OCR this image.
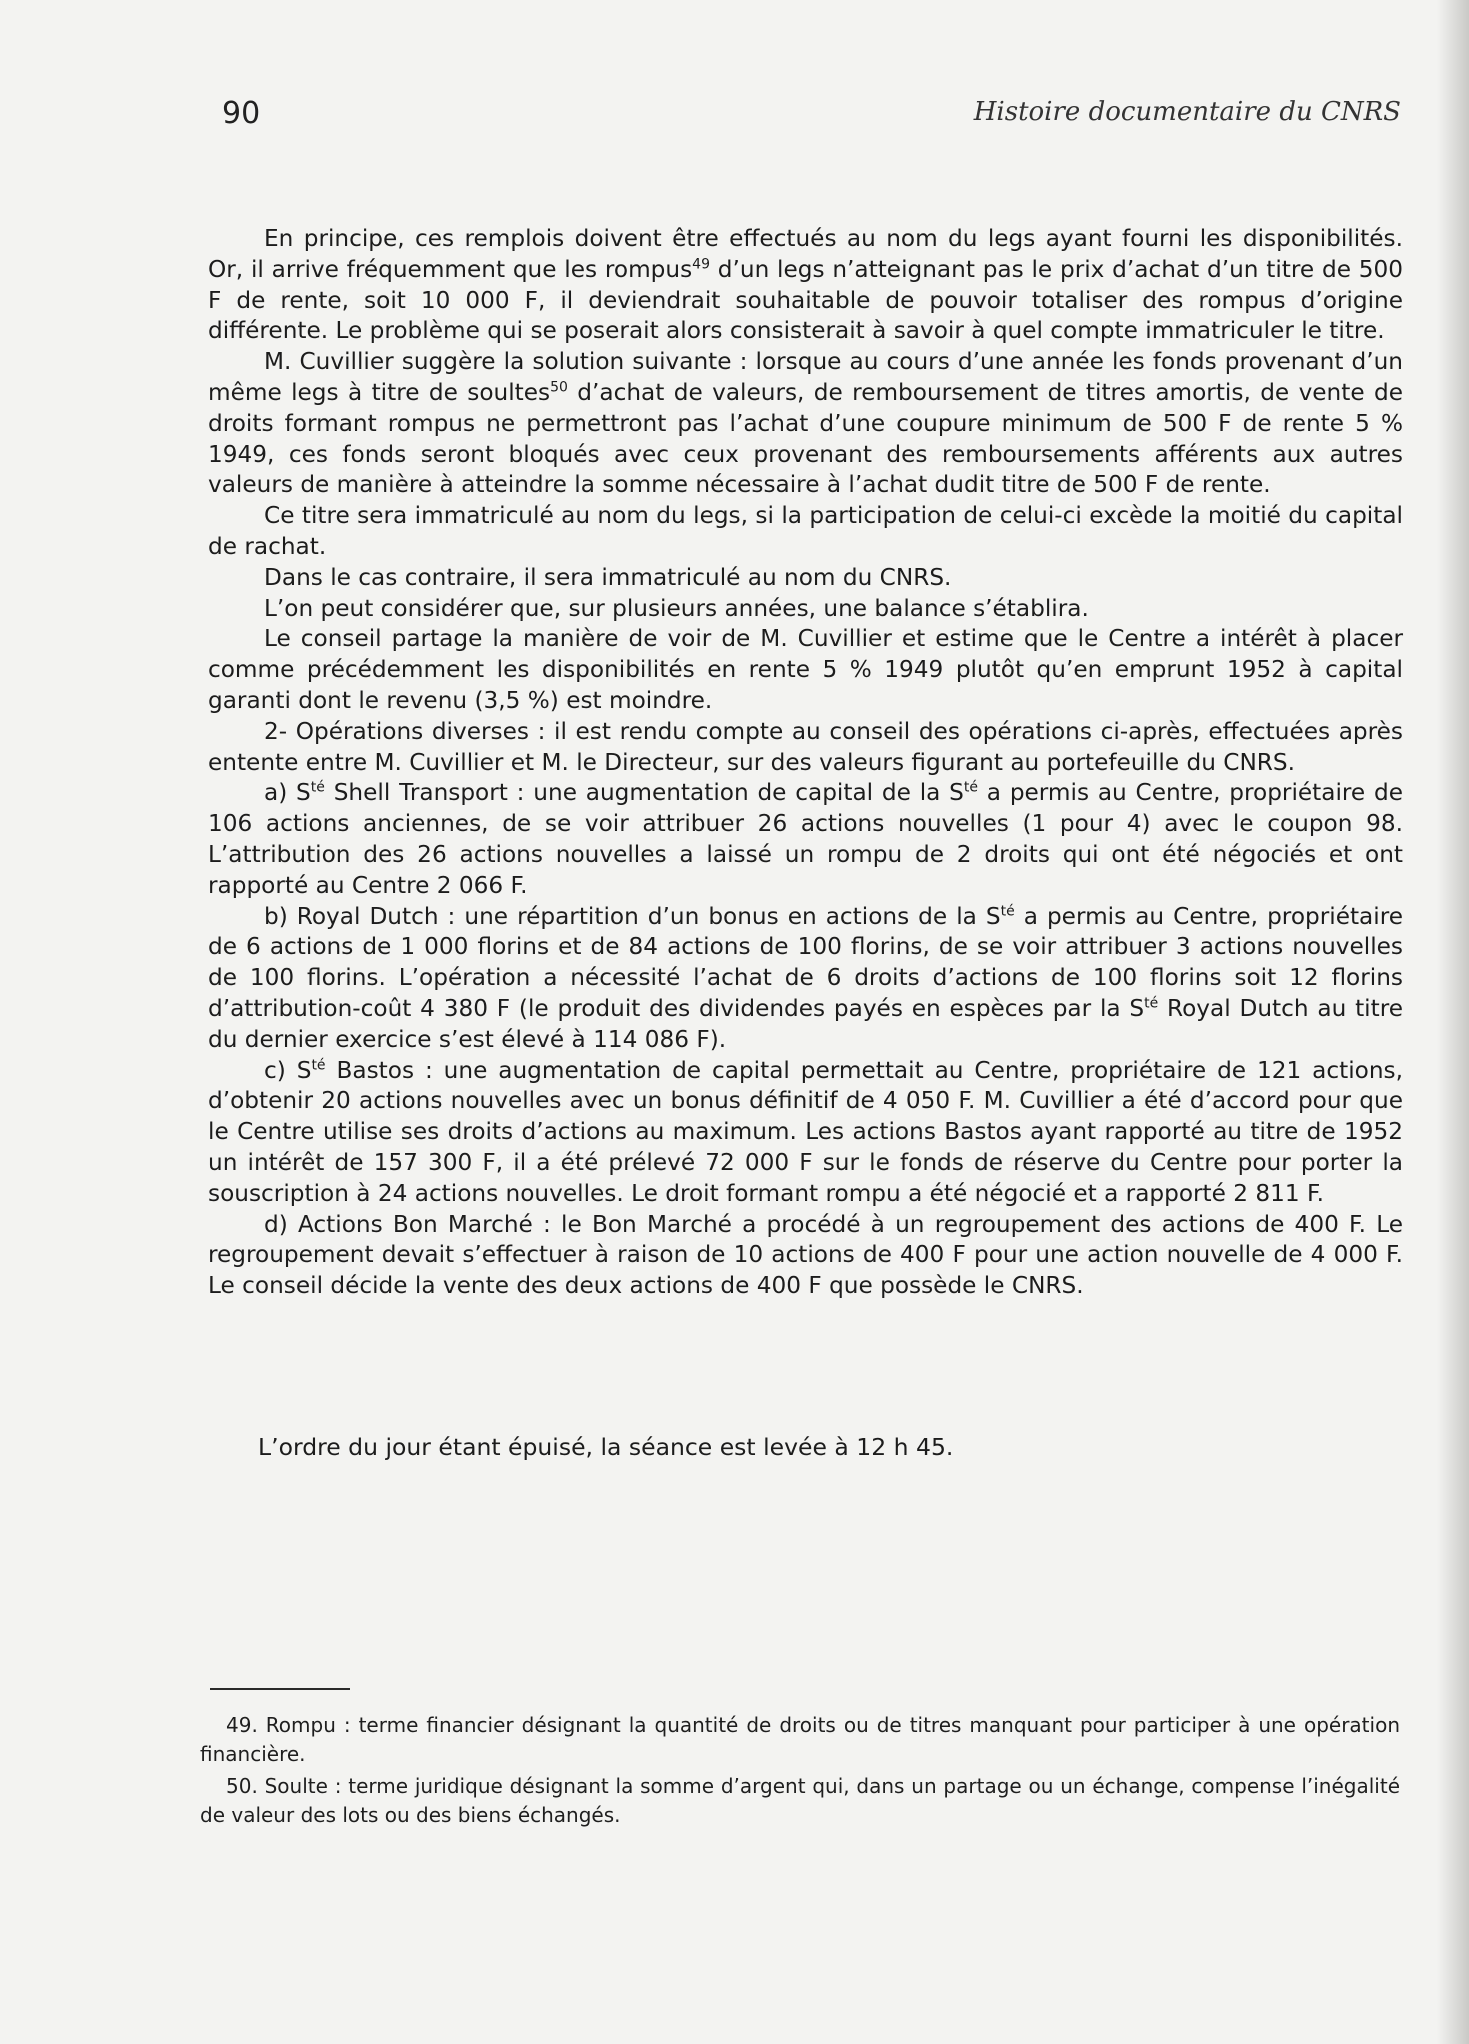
90	Histoire documentaire du CNRS

En principe, ces remplois doivent être effectués au nom du legs ayant fourni les disponibilités. Or, il arrive fréquemment que les rompus$^{49}$ d’un legs n’atteignant pas le prix d’achat d’un titre de 500 F de rente, soit 10 000 F, il deviendrait souhaitable de pouvoir totaliser des rompus d’origine différente. Le problème qui se poserait alors consisterait à savoir à quel compte immatriculer le titre.

M. Cuvillier suggère la solution suivante : lorsque au cours d’une année les fonds provenant d’un même legs à titre de soultes$^{50}$ d’achat de valeurs, de remboursement de titres amortis, de vente de droits formant rompus ne permettront pas l’achat d’une coupure minimum de 500 F de rente 5 % 1949, ces fonds seront bloqués avec ceux provenant des remboursements afférents aux autres valeurs de manière à atteindre la somme nécessaire à l’achat dudit titre de 500 F de rente.

Ce titre sera immatriculé au nom du legs, si la participation de celui-ci excède la moitié du capital de rachat.

Dans le cas contraire, il sera immatriculé au nom du CNRS.

L’on peut considérer que, sur plusieurs années, une balance s’établira.

Le conseil partage la manière de voir de M. Cuvillier et estime que le Centre a intérêt à placer comme précédemment les disponibilités en rente 5 % 1949 plutôt qu’en emprunt 1952 à capital garanti dont le revenu (3,5 %) est moindre.

2- Opérations diverses : il est rendu compte au conseil des opérations ci-après, effectuées après entente entre M. Cuvillier et M. le Directeur, sur des valeurs figurant au portefeuille du CNRS.

a) $S^{té}$ Shell Transport : une augmentation de capital de la $S^{té}$ a permis au Centre, propriétaire de 106 actions anciennes, de se voir attribuer 26 actions nouvelles (1 pour 4) avec le coupon 98. L’attribution des 26 actions nouvelles a laissé un rompu de 2 droits qui ont été négociés et ont rapporté au Centre 2 066 F.

b) Royal Dutch : une répartition d’un bonus en actions de la $S^{té}$ a permis au Centre, propriétaire de 6 actions de 1 000 florins et de 84 actions de 100 florins, de se voir attribuer 3 actions nouvelles de 100 florins. L’opération a nécessité l’achat de 6 droits d’actions de 100 florins soit 12 florins d’attribution-coût 4 380 F (le produit des dividendes payés en espèces par la $S^{té}$ Royal Dutch au titre du dernier exercice s’est élevé à 114 086 F).

c) $S^{té}$ Bastos : une augmentation de capital permettait au Centre, propriétaire de 121 actions, d’obtenir 20 actions nouvelles avec un bonus définitif de 4 050 F. M. Cuvillier a été d’accord pour que le Centre utilise ses droits d’actions au maximum. Les actions Bastos ayant rapporté au titre de 1952 un intérêt de 157 300 F, il a été prélevé 72 000 F sur le fonds de réserve du Centre pour porter la souscription à 24 actions nouvelles. Le droit formant rompu a été négocié et a rapporté 2 811 F.

d) Actions Bon Marché : le Bon Marché a procédé à un regroupement des actions de 400 F. Le regroupement devait s’effectuer à raison de 10 actions de 400 F pour une action nouvelle de 4 000 F. Le conseil décide la vente des deux actions de 400 F que possède le CNRS.

L’ordre du jour étant épuisé, la séance est levée à 12 h 45.

49. Rompu : terme financier désignant la quantité de droits ou de titres manquant pour participer à une opération financière.

50. Soulte : terme juridique désignant la somme d’argent qui, dans un partage ou un échange, compense l’inégalité de valeur des lots ou des biens échangés.
